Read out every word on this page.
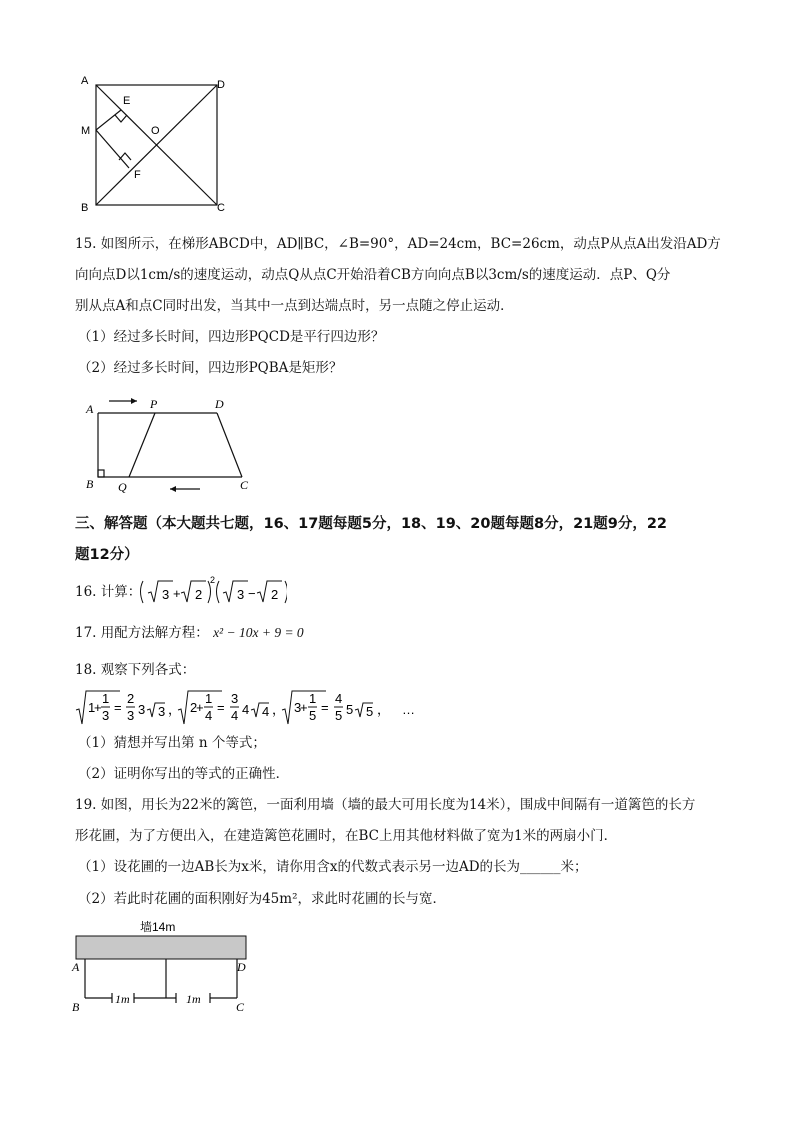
A	D
E
M	O
F
B	C
15. 如图所示，在梯形ABCD中，AD∥BC，∠B=90°，AD=24cm，BC=26cm，动点P从点A出发沿AD方
向向点D以1cm/s的速度运动，动点Q从点C开始沿着CB方向向点B以3cm/s的速度运动．点P、Q分
别从点A和点C同时出发，当其中一点到达端点时，另一点随之停止运动．
（1）经过多长时间，四边形PQCD是平行四边形？
（2）经过多长时间，四边形PQBA是矩形？
A	P	D
B Q	C
三、解答题（本大题共七题，16、17题每题5分，18、19、20题每题8分，21题9分，22
题12分）
16. 计算： 3 + 2
2
3 − 2
17. 用配方法解方程： x² − 10x + 9 = 0
18. 观察下列各式：
1
+
1
3
=
2
3 3 3 ， 2
+
1
4
=
3
4 4 4 ， 3
+
1
5
=
4
5 5 5 ， …
（1）猜想并写出第 n 个等式；
（2）证明你写出的等式的正确性．
19. 如图，用长为22米的篱笆，一面利用墙（墙的最大可用长度为14米），围成中间隔有一道篱笆的长方
形花圃，为了方便出入，在建造篱笆花圃时，在BC上用其他材料做了宽为1米的两扇小门．
（1）设花圃的一边AB长为x米，请你用含x的代数式表示另一边AD的长为______米；
（2）若此时花圃的面积刚好为45m²，求此时花圃的长与宽．
墙14m
A	D
B	C
1m	1m
